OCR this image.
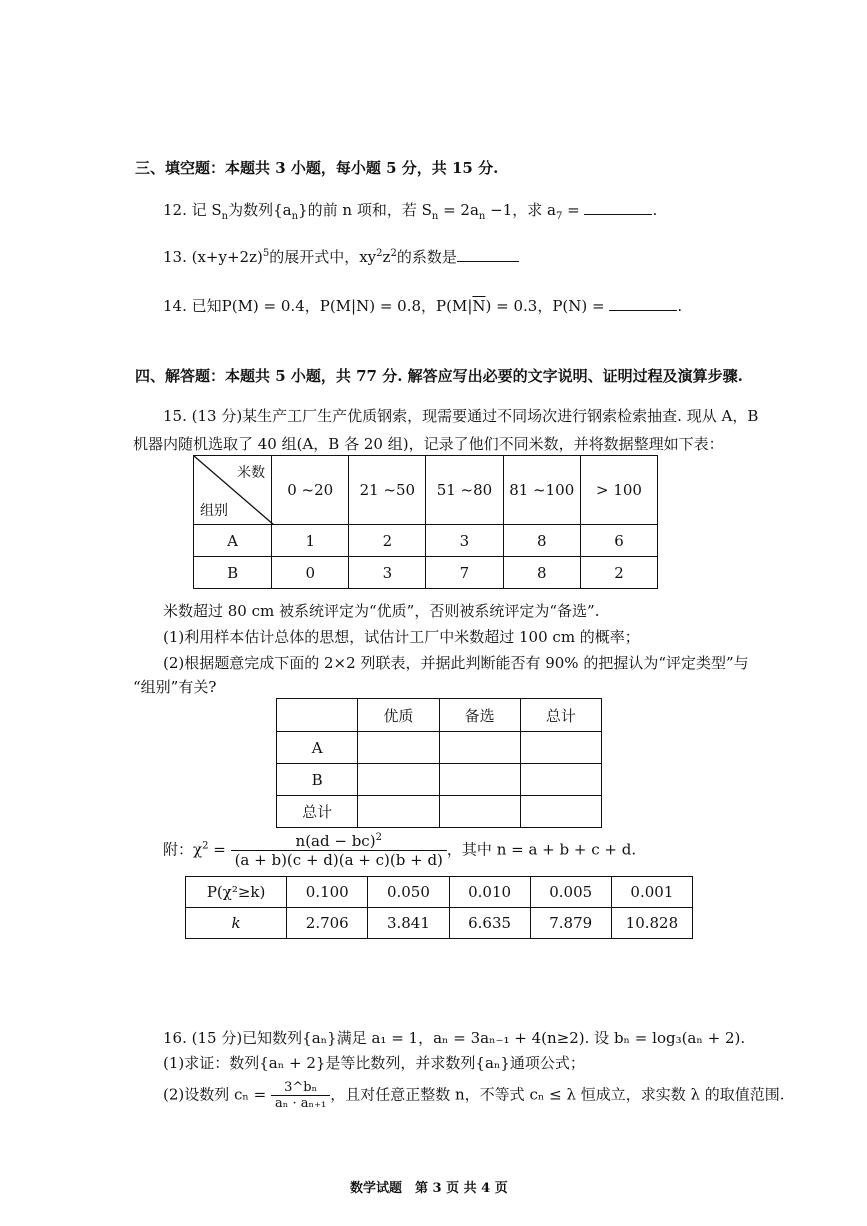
三、填空题：本题共 3 小题，每小题 5 分，共 15 分.
12. 记 $S_n$为数列$\{a_n\}$的前 n 项和，若 $S_n = 2a_n -1$，求 $a_7$ =	.
13. $(x+y+2z)^5$的展开式中，$xy^2z^2$的系数是
14. 已知P(M) = 0.4，P(M|N) = 0.8，$P(M|\overline{N}) = 0.3$，P(N) =	.
四、解答题：本题共 5 小题，共 77 分. 解答应写出必要的文字说明、证明过程及演算步骤.
15. (13 分)某生产工厂生产优质钢索，现需要通过不同场次进行钢索检索抽查. 现从 A，B
机器内随机选取了 40 组(A，B 各 20 组)，记录了他们不同米数，并将数据整理如下表：
米数
组别	0 ~20	21 ~50	51 ~80	81 ~100	> 100
A	1	2	3	8	6
B	0	3	7	8	2
米数超过 80 cm 被系统评定为“优质”，否则被系统评定为“备选”.
(1)利用样本估计总体的思想，试估计工厂中米数超过 100 cm 的概率；
(2)根据题意完成下面的 2×2 列联表，并据此判断能否有 90% 的把握认为“评定类型”与
“组别”有关?
	优质	备选	总计
A			
B			
总计			
附：$\chi^2 = \frac{n(ad - bc)^2}{(a + b)(c + d)(a + c)(b + d)}$ ，其中 n = a + b + c + d.
P(χ²≥k)	0.100	0.050	0.010	0.005	0.001
k	2.706	3.841	6.635	7.879	10.828
16. (15 分)已知数列{aₙ}满足 a₁ = 1，aₙ = 3aₙ₋₁ + 4(n≥2). 设 bₙ = log₃(aₙ + 2).
(1)求证：数列{aₙ + 2}是等比数列，并求数列{aₙ}通项公式；
(2)设数列 $c_n = \frac{\text{3\textasciicircum{}bₙ}}{\text{aₙ · aₙ₊₁}}$ ，且对任意正整数 n，不等式 cₙ ≤ λ 恒成立，求实数 λ 的取值范围.
数学试题　第 3 页 共 4 页
